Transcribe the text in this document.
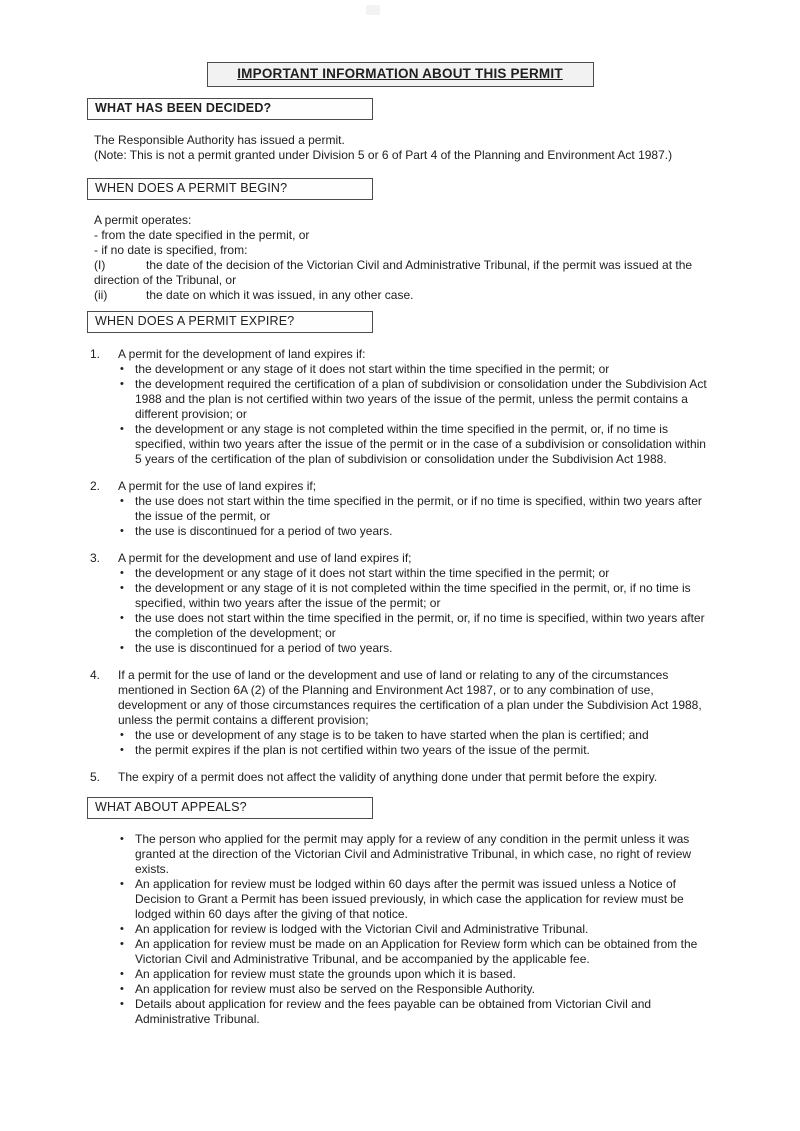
IMPORTANT INFORMATION ABOUT THIS PERMIT
WHAT HAS BEEN DECIDED?
The Responsible Authority has issued a permit.
(Note: This is not a permit granted under Division 5 or 6 of Part 4 of the Planning and Environment Act 1987.)
WHEN DOES A PERMIT BEGIN?
A permit operates:
- from the date specified in the permit, or
- if no date is specified, from:
(I)	the date of the decision of the Victorian Civil and Administrative Tribunal, if the permit was issued at the direction of the Tribunal, or
(ii)	the date on which it was issued, in any other case.
WHEN DOES A PERMIT EXPIRE?
1.	A permit for the development of land expires if:
• the development or any stage of it does not start within the time specified in the permit; or
• the development required the certification of a plan of subdivision or consolidation under the Subdivision Act 1988 and the plan is not certified within two years of the issue of the permit, unless the permit contains a different provision; or
• the development or any stage is not completed within the time specified in the permit, or, if no time is specified, within two years after the issue of the permit or in the case of a subdivision or consolidation within 5 years of the certification of the plan of subdivision or consolidation under the Subdivision Act 1988.
2.	A permit for the use of land expires if;
• the use does not start within the time specified in the permit, or if no time is specified, within two years after the issue of the permit, or
• the use is discontinued for a period of two years.
3.	A permit for the development and use of land expires if;
• the development or any stage of it does not start within the time specified in the permit; or
• the development or any stage of it is not completed within the time specified in the permit, or, if no time is specified, within two years after the issue of the permit; or
• the use does not start within the time specified in the permit, or, if no time is specified, within two years after the completion of the development; or
• the use is discontinued for a period of two years.
4.	If a permit for the use of land or the development and use of land or relating to any of the circumstances mentioned in Section 6A (2) of the Planning and Environment Act 1987, or to any combination of use, development or any of those circumstances requires the certification of a plan under the Subdivision Act 1988, unless the permit contains a different provision;
• the use or development of any stage is to be taken to have started when the plan is certified; and
• the permit expires if the plan is not certified within two years of the issue of the permit.
5.	The expiry of a permit does not affect the validity of anything done under that permit before the expiry.
WHAT ABOUT APPEALS?
• The person who applied for the permit may apply for a review of any condition in the permit unless it was granted at the direction of the Victorian Civil and Administrative Tribunal, in which case, no right of review exists.
• An application for review must be lodged within 60 days after the permit was issued unless a Notice of Decision to Grant a Permit has been issued previously, in which case the application for review must be lodged within 60 days after the giving of that notice.
• An application for review is lodged with the Victorian Civil and Administrative Tribunal.
• An application for review must be made on an Application for Review form which can be obtained from the Victorian Civil and Administrative Tribunal, and be accompanied by the applicable fee.
• An application for review must state the grounds upon which it is based.
• An application for review must also be served on the Responsible Authority.
• Details about application for review and the fees payable can be obtained from Victorian Civil and Administrative Tribunal.
